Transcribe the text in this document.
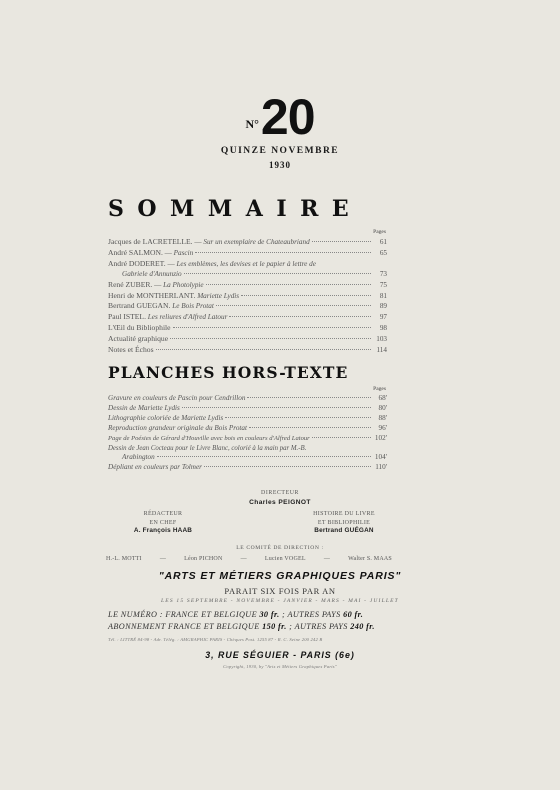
$^{N^\circ}$20
QUINZE NOVEMBRE
1930
SOMMAIRE
Pages
Jacques de LACRETELLE. — Sur un exemplaire de Chateaubriand	61
André SALMON. — Pascin	65
André DODERET. — Les emblèmes, les devises et le papier à lettre de
Gabriele d'Annunzio	73
René ZUBER. — La Photolypie	75
Henri de MONTHERLANT. Mariette Lydis	81
Bertrand GUEGAN. Le Bois Protat	89
Paul ISTEL. Les reliures d'Alfred Latour	97
L'Œil du Bibliophile	98
Actualité graphique	103
Notes et Échos	114
PLANCHES HORS-TEXTE
Pages
Gravure en couleurs de Pascin pour Cendrillon	68'
Dessin de Mariette Lydis	80'
Lithographie coloriée de Mariette Lydis	88'
Reproduction grandeur originale du Bois Protat	96'
Page de Poésies de Gérard d'Houville avec bois en couleurs d'Alfred Latour	102'
Dessin de Jean Cocteau pour le Livre Blanc, colorié à la main par M.-B.
Arabington	104'
Dépliant en couleurs par Tolmer	110'
DIRECTEUR
Charles PEIGNOT
RÉDACTEUR
EN CHEF
A. François HAAB
HISTOIRE DU LIVRE
ET BIBLIOPHILIE
Bertrand GUÉGAN
LE COMITÉ DE DIRECTION :
H.-L. MOTTI	—	Léon PICHON	—	Lucien VOGEL	—	Walter S. MAAS
"ARTS ET MÉTIERS GRAPHIQUES PARIS"
PARAIT SIX FOIS PAR AN
LES 15 SEPTEMBRE - NOVEMBRE - JANVIER - MARS - MAI - JUILLET
LE NUMÉRO : FRANCE ET BELGIQUE 30 fr. ; AUTRES PAYS 60 fr.
ABONNEMENT FRANCE ET BELGIQUE 150 fr. ; AUTRES PAYS 240 fr.
Tél. : LITTRÉ 84-98 - Adr. Télég. : AMGRAPHIC PARIS - Chèques Post. 1255 87 - R. C. Seine 200 242 B
3, RUE SÉGUIER - PARIS (6e)
Copyright, 1930, by "Arts et Métiers Graphiques Paris"
